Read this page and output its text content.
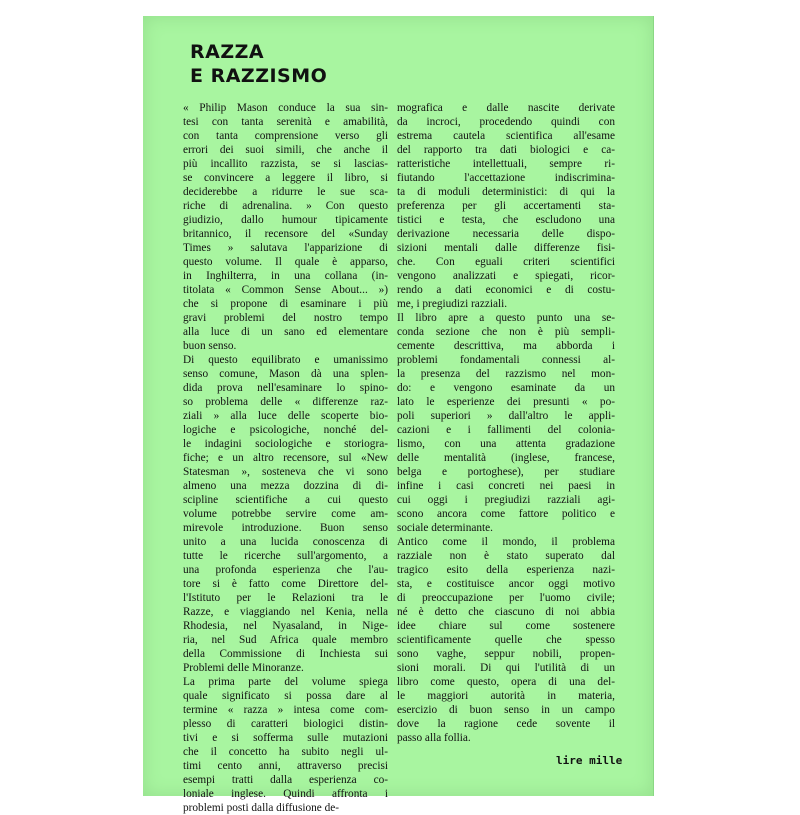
RAZZA
E RAZZISMO

« Philip Mason conduce la sua sin-
tesi con tanta serenità e amabilità,
con tanta comprensione verso gli
errori dei suoi simili, che anche il
più incallito razzista, se si lascias-
se convincere a leggere il libro, si
deciderebbe a ridurre le sue sca-
riche di adrenalina. » Con questo
giudizio, dallo humour tipicamente
britannico, il recensore del «Sunday
Times » salutava l'apparizione di
questo volume. Il quale è apparso,
in Inghilterra, in una collana (in-
titolata « Common Sense About... »)
che si propone di esaminare i più
gravi problemi del nostro tempo
alla luce di un sano ed elementare
buon senso.

Di questo equilibrato e umanissimo
senso comune, Mason dà una splen-
dida prova nell'esaminare lo spino-
so problema delle « differenze raz-
ziali » alla luce delle scoperte bio-
logiche e psicologiche, nonché del-
le indagini sociologiche e storiogra-
fiche; e un altro recensore, sul «New
Statesman », sosteneva che vi sono
almeno una mezza dozzina di di-
scipline scientifiche a cui questo
volume potrebbe servire come am-
mirevole introduzione. Buon senso
unito a una lucida conoscenza di
tutte le ricerche sull'argomento, a
una profonda esperienza che l'au-
tore si è fatto come Direttore del-
l'Istituto per le Relazioni tra le
Razze, e viaggiando nel Kenia, nella
Rhodesia, nel Nyasaland, in Nige-
ria, nel Sud Africa quale membro
della Commissione di Inchiesta sui
Problemi delle Minoranze.

La prima parte del volume spiega
quale significato si possa dare al
termine « razza » intesa come com-
plesso di caratteri biologici distin-
tivi e si sofferma sulle mutazioni
che il concetto ha subito negli ul-
timi cento anni, attraverso precisi
esempi tratti dalla esperienza co-
loniale inglese. Quindi affronta i
problemi posti dalla diffusione de-

mografica e dalle nascite derivate
da incroci, procedendo quindi con
estrema cautela scientifica all'esame
del rapporto tra dati biologici e ca-
ratteristiche intellettuali, sempre ri-
fiutando l'accettazione indiscrimina-
ta di moduli deterministici: di qui la
preferenza per gli accertamenti sta-
tistici e testa, che escludono una
derivazione necessaria delle dispo-
sizioni mentali dalle differenze fisi-
che. Con eguali criteri scientifici
vengono analizzati e spiegati, ricor-
rendo a dati economici e di costu-
me, i pregiudizi razziali.

Il libro apre a questo punto una se-
conda sezione che non è più sempli-
cemente descrittiva, ma abborda i
problemi fondamentali connessi al-
la presenza del razzismo nel mon-
do: e vengono esaminate da un
lato le esperienze dei presunti « po-
poli superiori » dall'altro le appli-
cazioni e i fallimenti del colonia-
lismo, con una attenta gradazione
delle mentalità (inglese, francese,
belga e portoghese), per studiare
infine i casi concreti nei paesi in
cui oggi i pregiudizi razziali agi-
scono ancora come fattore politico e
sociale determinante.

Antico come il mondo, il problema
razziale non è stato superato dal
tragico esito della esperienza nazi-
sta, e costituisce ancor oggi motivo
di preoccupazione per l'uomo civile;
né è detto che ciascuno di noi abbia
idee chiare sul come sostenere
scientificamente quelle che spesso
sono vaghe, seppur nobili, propen-
sioni morali. Di qui l'utilità di un
libro come questo, opera di una del-
le maggiori autorità in materia,
esercizio di buon senso in un campo
dove la ragione cede sovente il
passo alla follia.

lire mille
